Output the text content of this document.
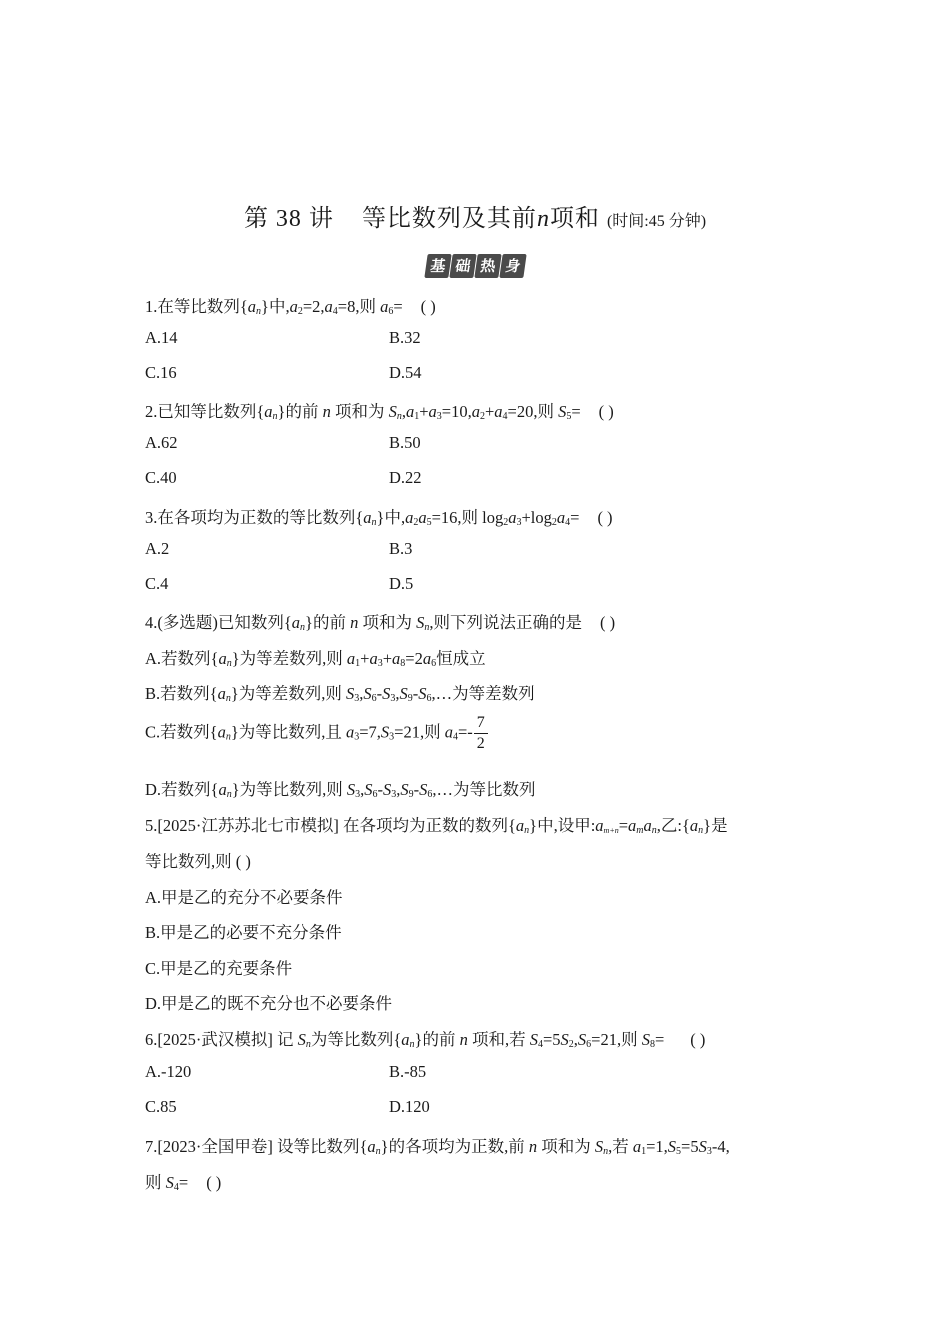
第 38 讲 等比数列及其前n项和 (时间:45 分钟)
基 础 热 身
1.在等比数列$\{a_n\}$中$,a_2=2,a_4=8$,则 $a_6=$ ( )
A.14	B.32
C.16	D.54
2.已知等比数列$\{a_n\}$的前 n 项和为 $S_n,a_1+a_3=10,a_2+a_4=20$,则 $S_5=$ ( )
A.62	B.50
C.40	D.22
3.在各项均为正数的等比数列$\{a_n\}$中$,a_2a_5=16$,则 $\log_2a_3+\log_2a_4=$ ( )
A.2	B.3
C.4	D.5
4.(多选题)已知数列$\{a_n\}$的前 n 项和为 $S_n$,则下列说法正确的是 ( )
A.若数列$\{a_n\}$为等差数列,则 $a_1+a_3+a_8=2a_6$恒成立
B.若数列$\{a_n\}$为等差数列,则 $S_3,S_6-S_3,S_9-S_6,\dots$为等差数列
C.若数列$\{a_n\}$为等比数列,且 $a_3=7,S_3=21$,则 $a_4=- \frac{7}{2}$
D.若数列$\{a_n\}$为等比数列,则 $S_3,S_6-S_3,S_9-S_6,\dots$为等比数列
5.[2025·江苏苏北七市模拟] 在各项均为正数的数列$\{a_n\}$中,设甲$:a_{m+n}=a_ma_n$,乙$:\{a_n\}$是
等比数列,则 ( )
A.甲是乙的充分不必要条件
B.甲是乙的必要不充分条件
C.甲是乙的充要条件
D.甲是乙的既不充分也不必要条件
6.[2025·武汉模拟] 记 $S_n$为等比数列$\{a_n\}$的前 n 项和,若 $S_4=5S_2,S_6=21$,则 $S_8=$ ( )
A.-120	B.-85
C.85	D.120
7.[2023·全国甲卷] 设等比数列$\{a_n\}$的各项均为正数,前 n 项和为 $S_n$,若 $a_1=1,S_5=5S_3-4$,
则 $S_4=$ ( )
